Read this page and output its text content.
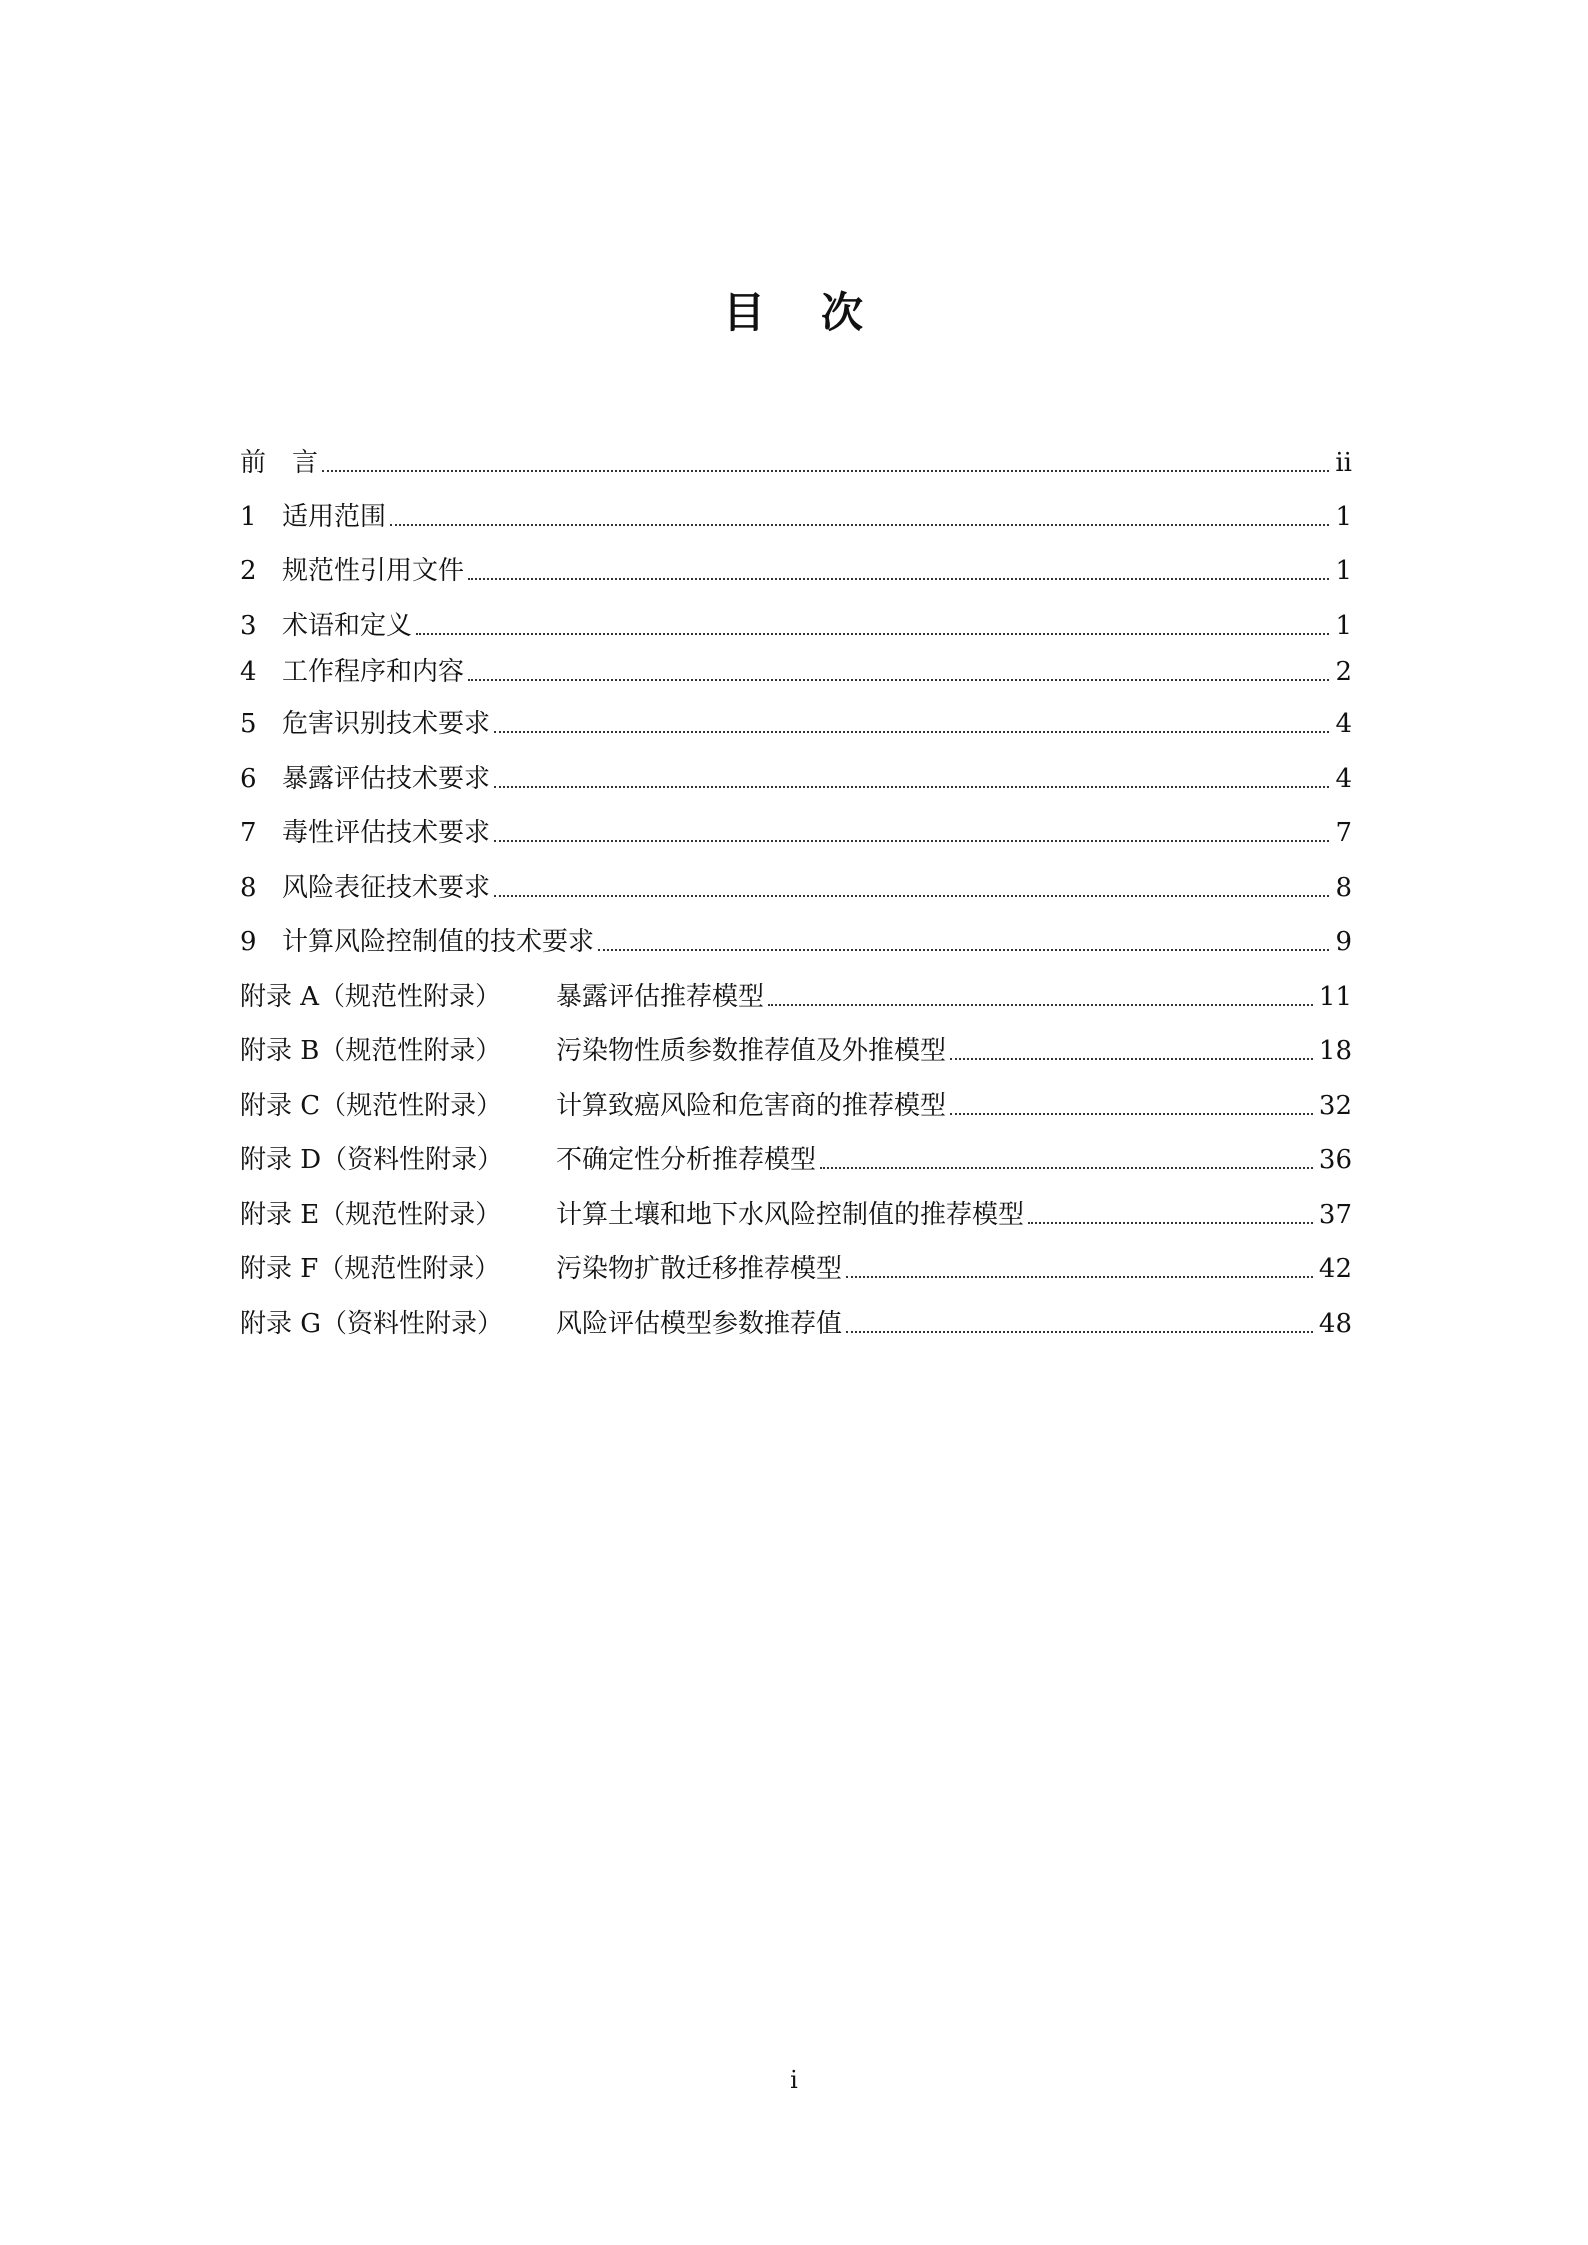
目 次
前　言	ii
1 适用范围	1
2 规范性引用文件	1
3 术语和定义	1
4 工作程序和内容	2
5 危害识别技术要求	4
6 暴露评估技术要求	4
7 毒性评估技术要求	7
8 风险表征技术要求	8
9 计算风险控制值的技术要求	9
附录 A（规范性附录）	暴露评估推荐模型	11
附录 B（规范性附录）	污染物性质参数推荐值及外推模型	18
附录 C（规范性附录）	计算致癌风险和危害商的推荐模型	32
附录 D（资料性附录）	不确定性分析推荐模型	36
附录 E（规范性附录）	计算土壤和地下水风险控制值的推荐模型	37
附录 F（规范性附录）	污染物扩散迁移推荐模型	42
附录 G（资料性附录）	风险评估模型参数推荐值	48
i
